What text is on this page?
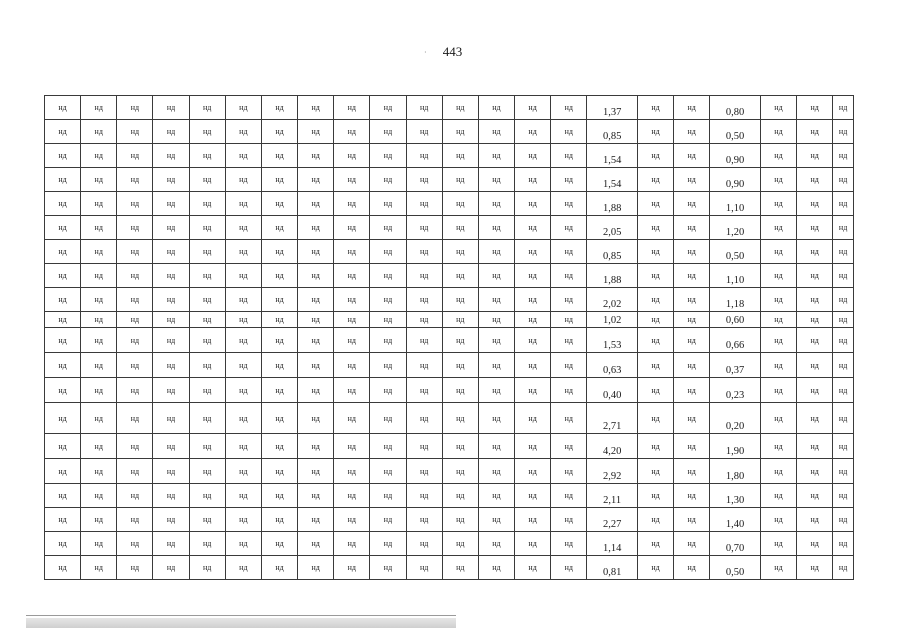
· 443
нд	нд	нд	нд	нд	нд	нд	нд	нд	нд	нд	нд	нд	нд	нд	1,37	нд	нд	0,80	нд	нд	нд
нд	нд	нд	нд	нд	нд	нд	нд	нд	нд	нд	нд	нд	нд	нд	0,85	нд	нд	0,50	нд	нд	нд
нд	нд	нд	нд	нд	нд	нд	нд	нд	нд	нд	нд	нд	нд	нд	1,54	нд	нд	0,90	нд	нд	нд
нд	нд	нд	нд	нд	нд	нд	нд	нд	нд	нд	нд	нд	нд	нд	1,54	нд	нд	0,90	нд	нд	нд
нд	нд	нд	нд	нд	нд	нд	нд	нд	нд	нд	нд	нд	нд	нд	1,88	нд	нд	1,10	нд	нд	нд
нд	нд	нд	нд	нд	нд	нд	нд	нд	нд	нд	нд	нд	нд	нд	2,05	нд	нд	1,20	нд	нд	нд
нд	нд	нд	нд	нд	нд	нд	нд	нд	нд	нд	нд	нд	нд	нд	0,85	нд	нд	0,50	нд	нд	нд
нд	нд	нд	нд	нд	нд	нд	нд	нд	нд	нд	нд	нд	нд	нд	1,88	нд	нд	1,10	нд	нд	нд
нд	нд	нд	нд	нд	нд	нд	нд	нд	нд	нд	нд	нд	нд	нд	2,02	нд	нд	1,18	нд	нд	нд
нд	нд	нд	нд	нд	нд	нд	нд	нд	нд	нд	нд	нд	нд	нд	1,02	нд	нд	0,60	нд	нд	нд
нд	нд	нд	нд	нд	нд	нд	нд	нд	нд	нд	нд	нд	нд	нд	1,53	нд	нд	0,66	нд	нд	нд
нд	нд	нд	нд	нд	нд	нд	нд	нд	нд	нд	нд	нд	нд	нд	0,63	нд	нд	0,37	нд	нд	нд
нд	нд	нд	нд	нд	нд	нд	нд	нд	нд	нд	нд	нд	нд	нд	0,40	нд	нд	0,23	нд	нд	нд
нд	нд	нд	нд	нд	нд	нд	нд	нд	нд	нд	нд	нд	нд	нд	2,71	нд	нд	0,20	нд	нд	нд
нд	нд	нд	нд	нд	нд	нд	нд	нд	нд	нд	нд	нд	нд	нд	4,20	нд	нд	1,90	нд	нд	нд
нд	нд	нд	нд	нд	нд	нд	нд	нд	нд	нд	нд	нд	нд	нд	2,92	нд	нд	1,80	нд	нд	нд
нд	нд	нд	нд	нд	нд	нд	нд	нд	нд	нд	нд	нд	нд	нд	2,11	нд	нд	1,30	нд	нд	нд
нд	нд	нд	нд	нд	нд	нд	нд	нд	нд	нд	нд	нд	нд	нд	2,27	нд	нд	1,40	нд	нд	нд
нд	нд	нд	нд	нд	нд	нд	нд	нд	нд	нд	нд	нд	нд	нд	1,14	нд	нд	0,70	нд	нд	нд
нд	нд	нд	нд	нд	нд	нд	нд	нд	нд	нд	нд	нд	нд	нд	0,81	нд	нд	0,50	нд	нд	нд
